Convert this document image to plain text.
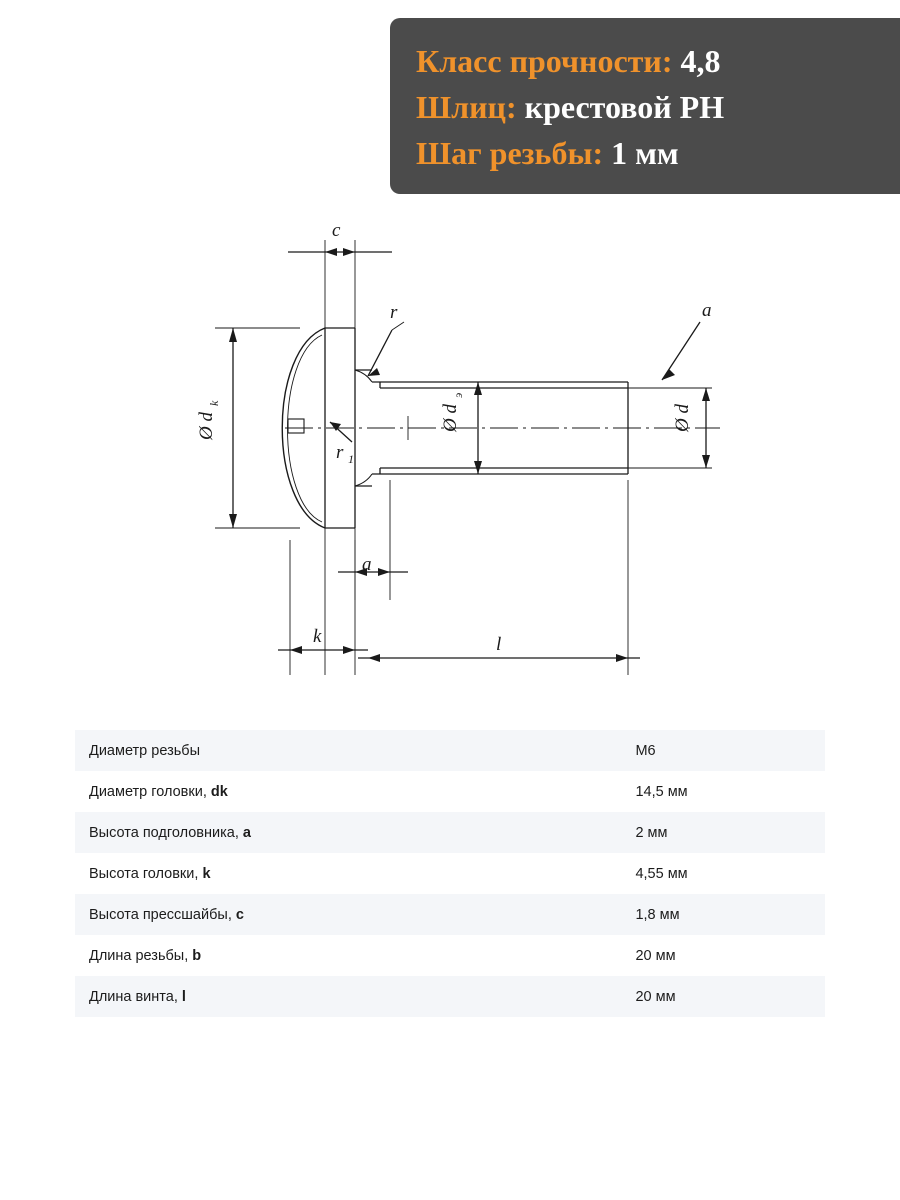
Класс прочности: 4,8
Шлиц: крестовой PH
Шаг резьбы: 1 мм
c
r
r 1
a
a
k	l
Ø d
k
Ø d
э
Ø d
Диаметр резьбы	M6
Диаметр головки, dk	14,5 мм
Высота подголовника, a	2 мм
Высота головки, k	4,55 мм
Высота прессшайбы, c	1,8 мм
Длина резьбы, b	20 мм
Длина винта, l	20 мм
